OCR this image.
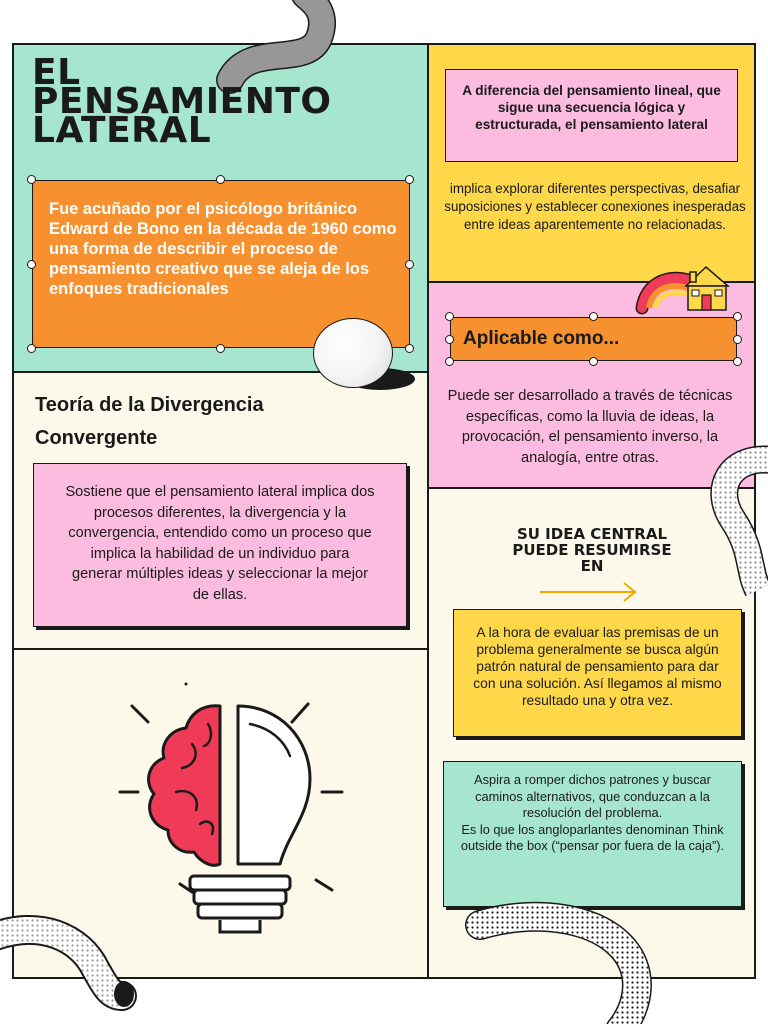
EL
PENSAMIENTO
LATERAL

Fue acuñado por el psicólogo británico Edward de Bono en la década de 1960 como una forma de describir el proceso de pensamiento creativo que se aleja de los enfoques tradicionales

A diferencia del pensamiento lineal, que sigue una secuencia lógica y estructurada, el pensamiento lateral

implica explorar diferentes perspectivas, desafiar suposiciones y establecer conexiones inesperadas entre ideas aparentemente no relacionadas.

Aplicable como...

Puede ser desarrollado a través de técnicas específicas, como la lluvia de ideas, la provocación, el pensamiento inverso, la analogía, entre otras.

Teoría de la Divergencia
Convergente
Sostiene que el pensamiento lateral implica dos procesos diferentes, la divergencia y la convergencia, entendido como un proceso que implica la habilidad de un individuo para generar múltiples ideas y seleccionar la mejor de ellas.
SU IDEA CENTRAL
PUEDE RESUMIRSE
EN
A la hora de evaluar las premisas de un problema generalmente se busca algún patrón natural de pensamiento para dar con una solución. Así llegamos al mismo resultado una y otra vez.
Aspira a romper dichos patrones y buscar caminos alternativos, que conduzcan a la resolución del problema.
Es lo que los angloparlantes denominan Think outside the box (“pensar por fuera de la caja”).
